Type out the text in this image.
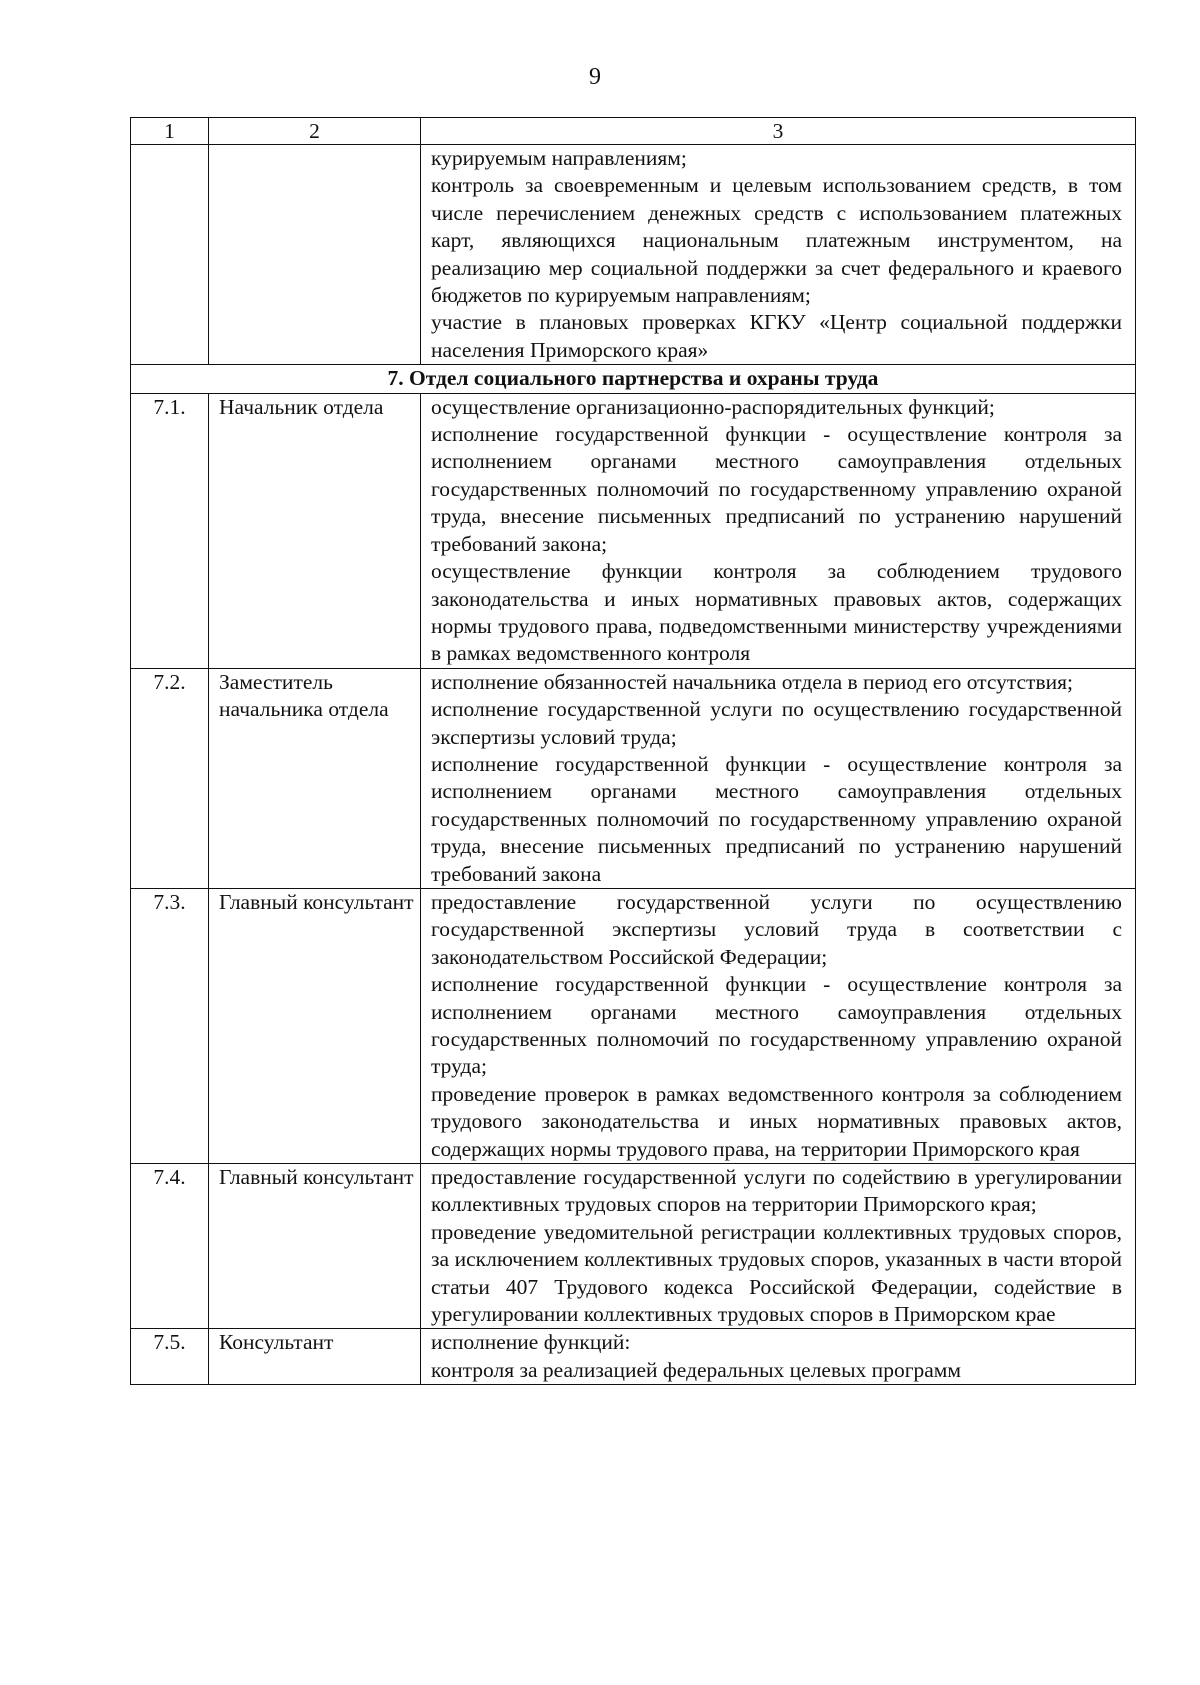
9
1	2	3

		курируемым направлениям;
контроль за своевременным и целевым использованием средств, в том числе перечислением денежных средств с использованием платежных карт, являющихся национальным платежным инструментом, на реализацию мер социальной поддержки за счет федерального и краевого бюджетов по курируемым направлениям;
участие в плановых проверках КГКУ «Центр социальной поддержки населения Приморского края»

7. Отдел социального партнерства и охраны труда		
7.1.	Начальник отдела	осуществление организационно-распорядительных функций;
исполнение государственной функции - осуществление контроля за исполнением органами местного самоуправления отдельных государственных полномочий по государственному управлению охраной труда, внесение письменных предписаний по устранению нарушений требований закона;
осуществление функции контроля за соблюдением трудового законодательства и иных нормативных правовых актов, содержащих нормы трудового права, подведомственными министерству учреждениями в рамках ведомственного контроля

7.2.	Заместитель начальника отдела	исполнение обязанностей начальника отдела в период его отсутствия;
исполнение государственной услуги по осуществлению государственной экспертизы условий труда;
исполнение государственной функции - осуществление контроля за исполнением органами местного самоуправления отдельных государственных полномочий по государственному управлению охраной труда, внесение письменных предписаний по устранению нарушений требований закона

7.3.	Главный консультант	предоставление государственной услуги по осуществлению государственной экспертизы условий труда в соответствии с законодательством Российской Федерации;
исполнение государственной функции - осуществление контроля за исполнением органами местного самоуправления отдельных государственных полномочий по государственному управлению охраной труда;
проведение проверок в рамках ведомственного контроля за соблюдением трудового законодательства и иных нормативных правовых актов, содержащих нормы трудового права, на территории Приморского края

7.4.	Главный консультант	предоставление государственной услуги по содействию в урегулировании коллективных трудовых споров на территории Приморского края;
проведение уведомительной регистрации коллективных трудовых споров, за исключением коллективных трудовых споров, указанных в части второй статьи 407 Трудового кодекса Российской Федерации, содействие в урегулировании коллективных трудовых споров в Приморском крае

7.5.	Консультант	исполнение функций:
контроля за реализацией федеральных целевых программ
